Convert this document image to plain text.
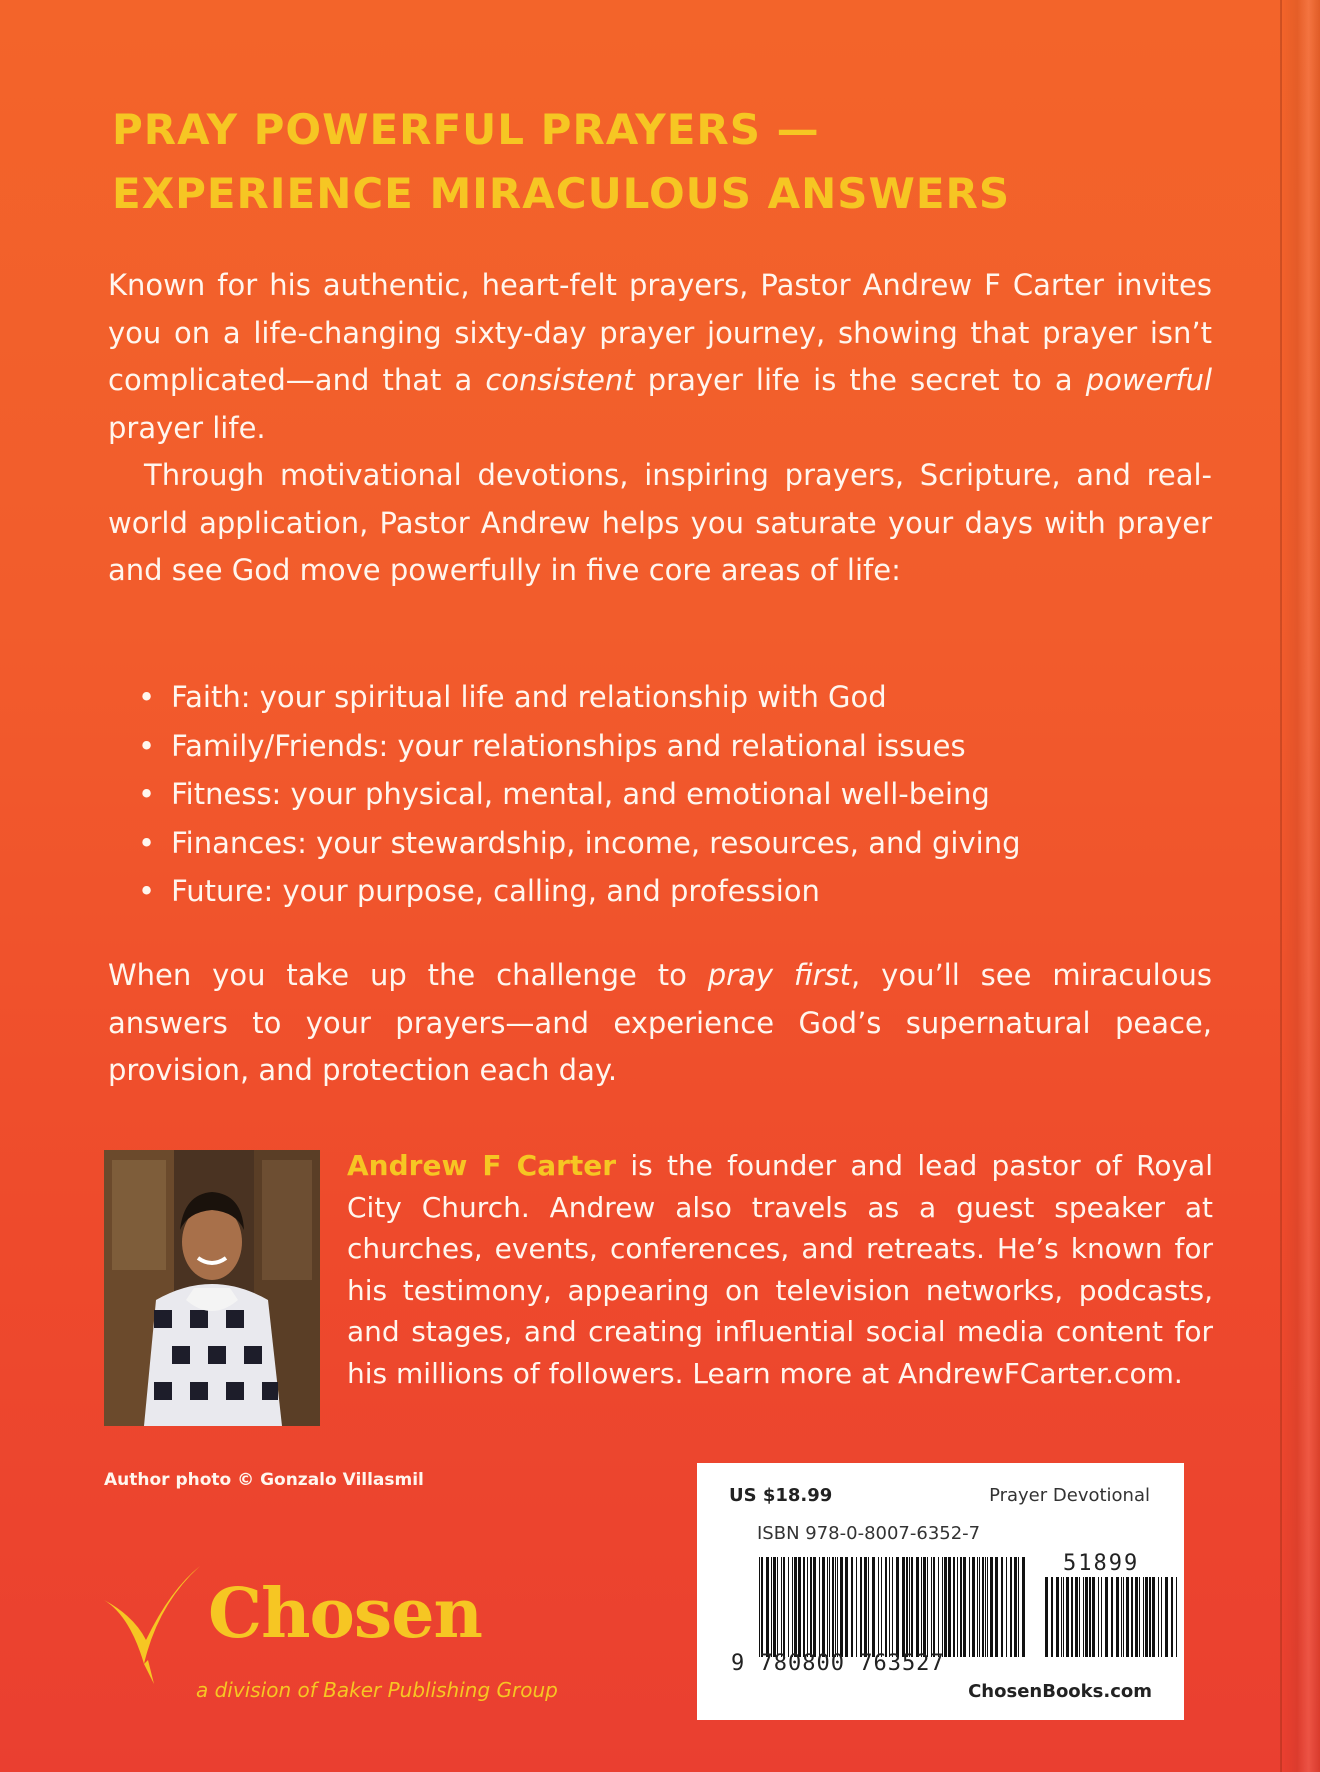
PRAY POWERFUL PRAYERS —
EXPERIENCE MIRACULOUS ANSWERS

Known for his authentic, heart-felt prayers, Pastor Andrew F Carter invites you on a life-changing sixty-day prayer journey, showing that prayer isn’t complicated—and that a consistent prayer life is the secret to a powerful prayer life.

Through motivational devotions, inspiring prayers, Scripture, and real-world application, Pastor Andrew helps you saturate your days with prayer and see God move powerfully in five core areas of life:

• Faith: your spiritual life and relationship with God
• Family/Friends: your relationships and relational issues
• Fitness: your physical, mental, and emotional well-being
• Finances: your stewardship, income, resources, and giving
• Future: your purpose, calling, and profession

When you take up the challenge to pray first, you’ll see miraculous answers to your prayers—and experience God’s supernatural peace, provision, and protection each day.

Andrew F Carter is the founder and lead pastor of Royal City Church. Andrew also travels as a guest speaker at churches, events, conferences, and retreats. He’s known for his testimony, appearing on television networks, podcasts, and stages, and creating influential social media content for his millions of followers. Learn more at AndrewFCarter.com.

Author photo © Gonzalo Villasmil
Chosen
a division of Baker Publishing Group
US $18.99	Prayer Devotional
ISBN 978-0-8007-6352-7
51899
9 780800 763527
ChosenBooks.com
